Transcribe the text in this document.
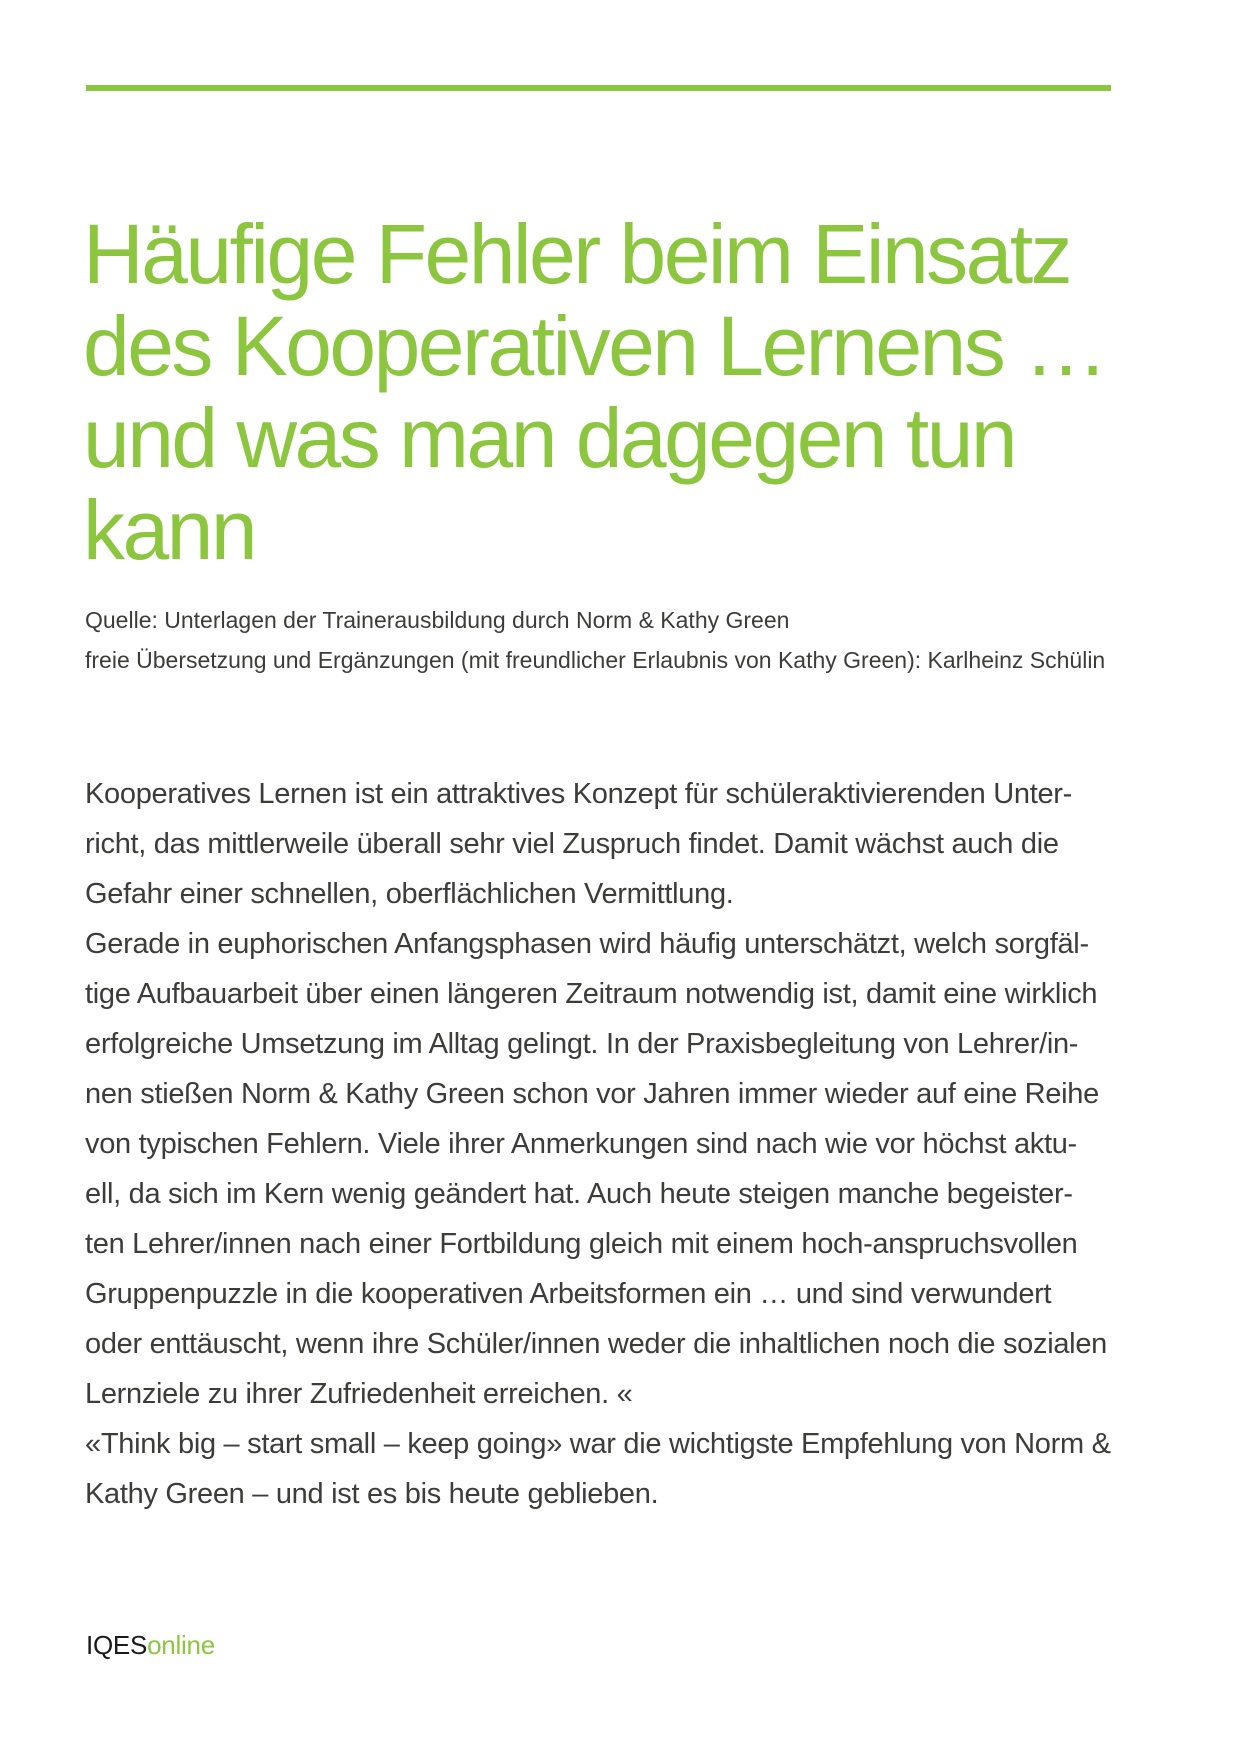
Häufige Fehler beim Einsatz
des Kooperativen Lernens …
und was man dagegen tun
kann
Quelle: Unterlagen der Trainerausbildung durch Norm & Kathy Green
freie Übersetzung und Ergänzungen (mit freundlicher Erlaubnis von Kathy Green): Karlheinz Schülin
Kooperatives Lernen ist ein attraktives Konzept für schüleraktivierenden Unter-
richt, das mittlerweile überall sehr viel Zuspruch findet. Damit wächst auch die
Gefahr einer schnellen, oberflächlichen Vermittlung.
Gerade in euphorischen Anfangsphasen wird häufig unterschätzt, welch sorgfäl-
tige Aufbauarbeit über einen längeren Zeitraum notwendig ist, damit eine wirklich
erfolgreiche Umsetzung im Alltag gelingt. In der Praxisbegleitung von Lehrer/in-
nen stießen Norm & Kathy Green schon vor Jahren immer wieder auf eine Reihe
von typischen Fehlern. Viele ihrer Anmerkungen sind nach wie vor höchst aktu-
ell, da sich im Kern wenig geändert hat. Auch heute steigen manche begeister-
ten Lehrer/innen nach einer Fortbildung gleich mit einem hoch-anspruchsvollen
Gruppenpuzzle in die kooperativen Arbeitsformen ein … und sind verwundert
oder enttäuscht, wenn ihre Schüler/innen weder die inhaltlichen noch die sozialen
Lernziele zu ihrer Zufriedenheit erreichen. «
«Think big – start small – keep going» war die wichtigste Empfehlung von Norm &
Kathy Green – und ist es bis heute geblieben.
IQESonline
